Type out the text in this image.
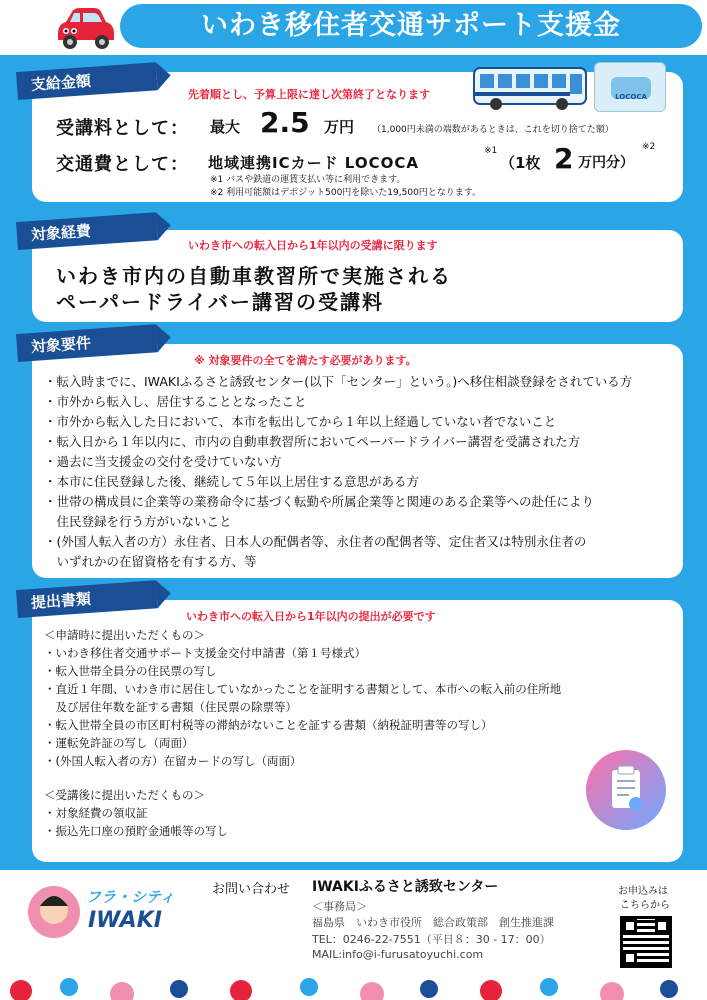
いわき移住者交通サポート支援金
先着順とし、予算上限に達し次第終了となります
受講料として： 最大 2.5 万円 （1,000円未満の端数があるときは、これを切り捨てた額）
交通費として： 地域連携ICカード LOCOCA
※1
（1枚 2 万円分）
※2
※1 バスや鉄道の運賃支払い等に利用できます。
※2 利用可能額はデポジット500円を除いた19,500円となります。
LOCOCA
支給金額
いわき市への転入日から1年以内の受講に限ります
いわき市内の自動車教習所で実施される
ペーパードライバー講習の受講料
対象経費
※ 対象要件の全てを満たす必要があります。
・転入時までに、IWAKIふるさと誘致センター(以下「センター」という。)へ移住相談登録をされている方
・市外から転入し、居住することとなったこと
・市外から転入した日において、本市を転出してから１年以上経過していない者でないこと
・転入日から１年以内に、市内の自動車教習所においてペーパードライバー講習を受講された方
・過去に当支援金の交付を受けていない方
・本市に住民登録した後、継続して５年以上居住する意思がある方
・世帯の構成員に企業等の業務命令に基づく転勤や所属企業等と関連のある企業等への赴任により
　住民登録を行う方がいないこと
・(外国人転入者の方）永住者、日本人の配偶者等、永住者の配偶者等、定住者又は特別永住者の
　いずれかの在留資格を有する方、等
対象要件
いわき市への転入日から1年以内の提出が必要です
＜申請時に提出いただくもの＞
・いわき移住者交通サポート支援金交付申請書（第１号様式）
・転入世帯全員分の住民票の写し
・直近１年間、いわき市に居住していなかったことを証明する書類として、本市への転入前の住所地
　及び居住年数を証する書類（住民票の除票等）
・転入世帯全員の市区町村税等の滞納がないことを証する書類（納税証明書等の写し）
・運転免許証の写し（両面）
・(外国人転入者の方）在留カードの写し（両面）
＜受講後に提出いただくもの＞
・対象経費の領収証
・振込先口座の預貯金通帳等の写し
提出書類
フラ・シティ
IWAKI
お問い合わせ IWAKIふるさと誘致センター
＜事務局＞
福島県　いわき市役所　総合政策部　創生推進課
TEL：0246-22-7551（平日８：30 - 17：00）
MAIL:info@i-furusatoyuchi.com
お申込みは
こちらから
